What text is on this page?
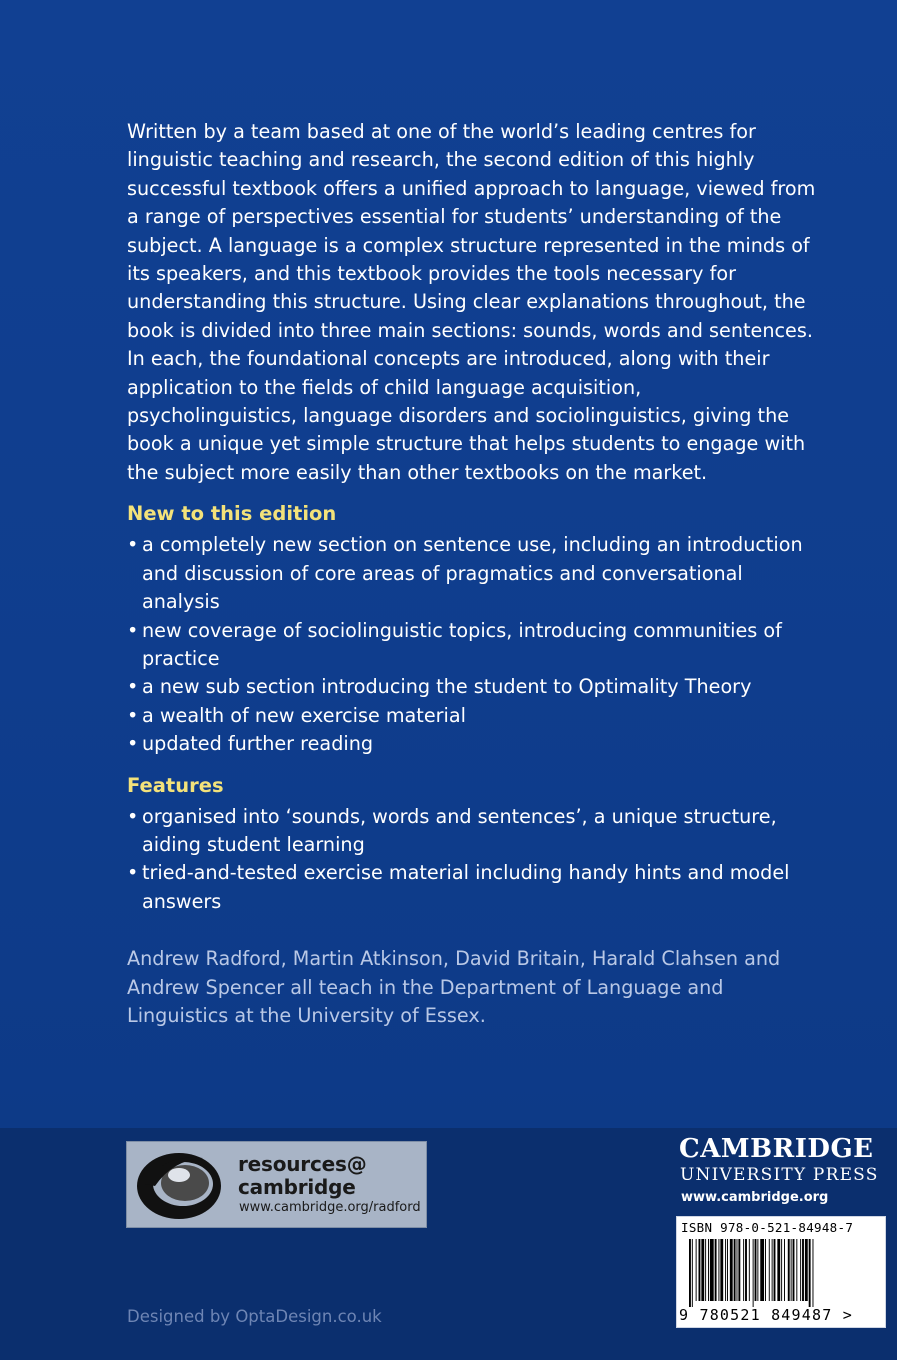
Written by a team based at one of the world’s leading centres for linguistic teaching and research, the second edition of this highly successful textbook offers a unified approach to language, viewed from a range of perspectives essential for students’ understanding of the subject. A language is a complex structure represented in the minds of its speakers, and this textbook provides the tools necessary for understanding this structure. Using clear explanations throughout, the book is divided into three main sections: sounds, words and sentences. In each, the foundational concepts are introduced, along with their application to the fields of child language acquisition, psycholinguistics, language disorders and sociolinguistics, giving the book a unique yet simple structure that helps students to engage with the subject more easily than other textbooks on the market.

New to this edition
• a completely new section on sentence use, including an introduction and discussion of core areas of pragmatics and conversational analysis
• new coverage of sociolinguistic topics, introducing communities of practice
• a new sub section introducing the student to Optimality Theory
• a wealth of new exercise material
• updated further reading
Features
• organised into ‘sounds, words and sentences’, a unique structure, aiding student learning
• tried-and-tested exercise material including handy hints and model answers

Andrew Radford, Martin Atkinson, David Britain, Harald Clahsen and Andrew Spencer all teach in the Department of Language and Linguistics at the University of Essex.

resources@
cambridge
www.cambridge.org/radford
CAMBRIDGE
UNIVERSITY PRESS
www.cambridge.org
ISBN 978-0-521-84948-7
9 780521 849487 >
Designed by OptaDesign.co.uk
